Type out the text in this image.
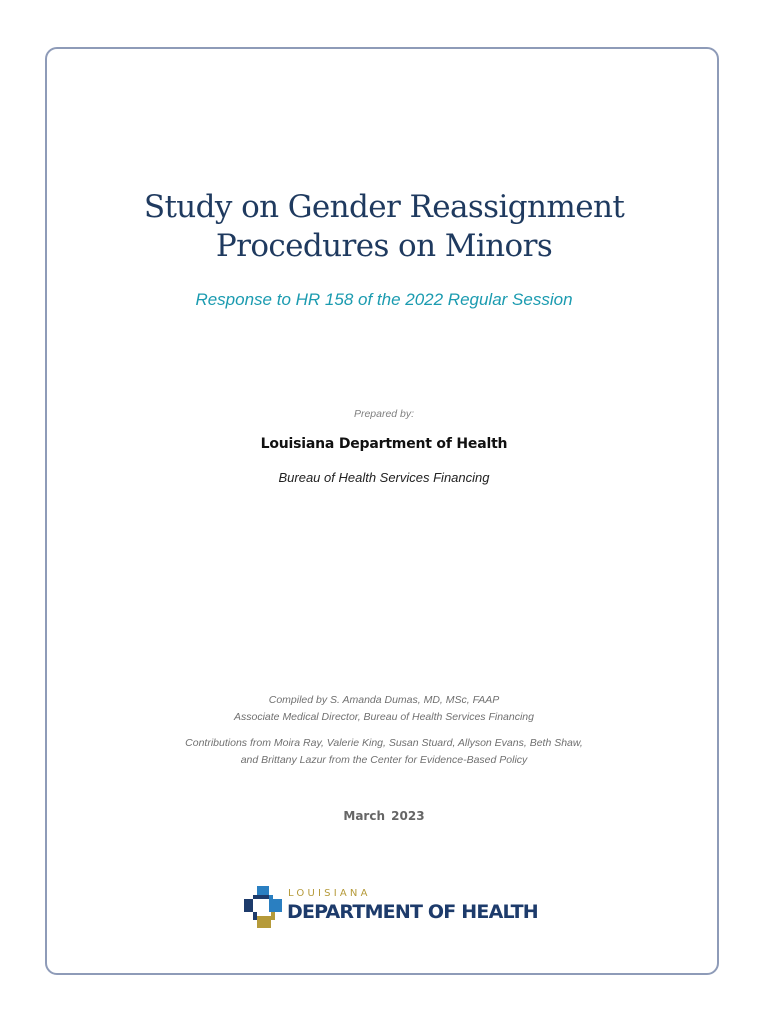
Study on Gender Reassignment
Procedures on Minors
Response to HR 158 of the 2022 Regular Session
Prepared by:
Louisiana Department of Health
Bureau of Health Services Financing
Compiled by S. Amanda Dumas, MD, MSc, FAAP
Associate Medical Director, Bureau of Health Services Financing
Contributions from Moira Ray, Valerie King, Susan Stuard, Allyson Evans, Beth Shaw,
and Brittany Lazur from the Center for Evidence-Based Policy
March 2023
LOUISIANA
DEPARTMENT OF HEALTH
